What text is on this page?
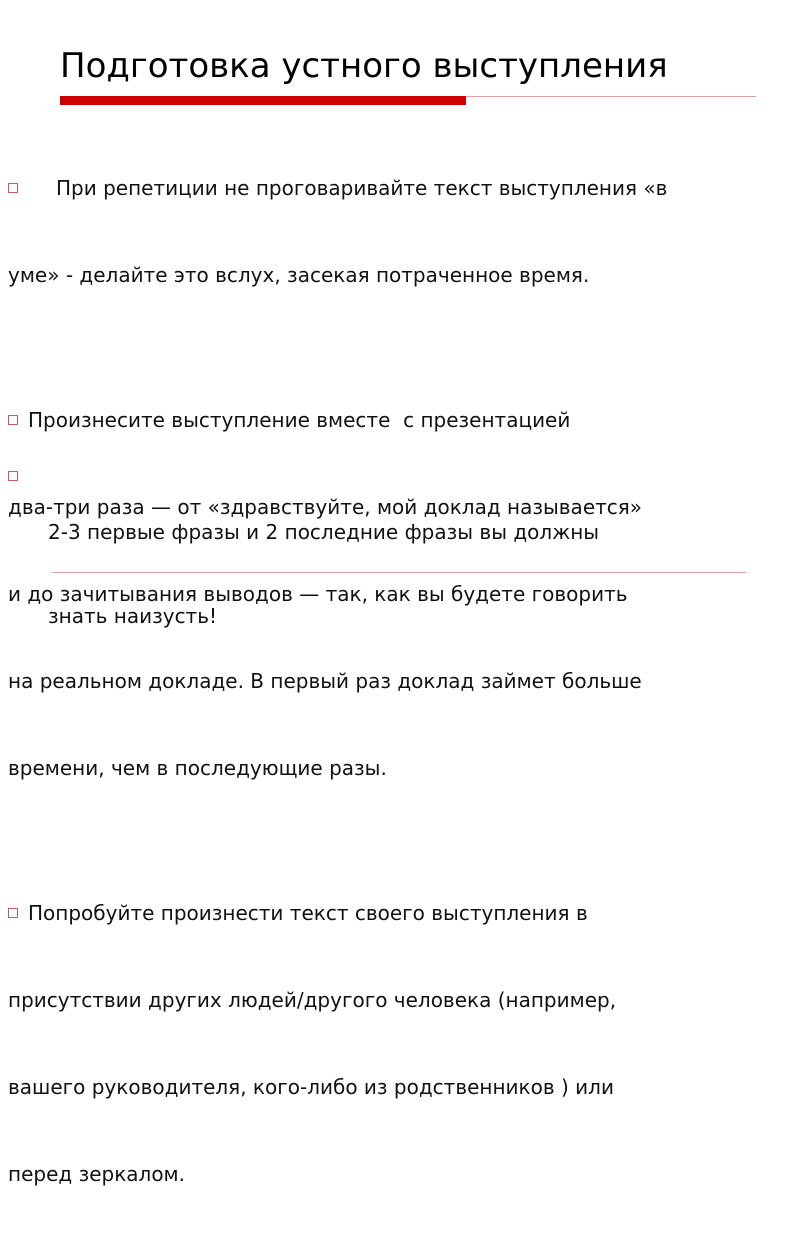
Подготовка устного выступления

При репетиции не проговаривайте текст выступления «в

уме» - делайте это вслух, засекая потраченное время.

Произнесите выступление вместе  с презентацией

два-три раза — от «здравствуйте, мой доклад называется»

и до зачитывания выводов — так, как вы будете говорить

на реальном докладе. В первый раз доклад займет больше

времени, чем в последующие разы.

Попробуйте произнести текст своего выступления в

присутствии других людей/другого человека (например,

вашего руководителя, кого-либо из родственников ) или

перед зеркалом.

2-3 первые фразы и 2 последние фразы вы должны

знать наизусть!
